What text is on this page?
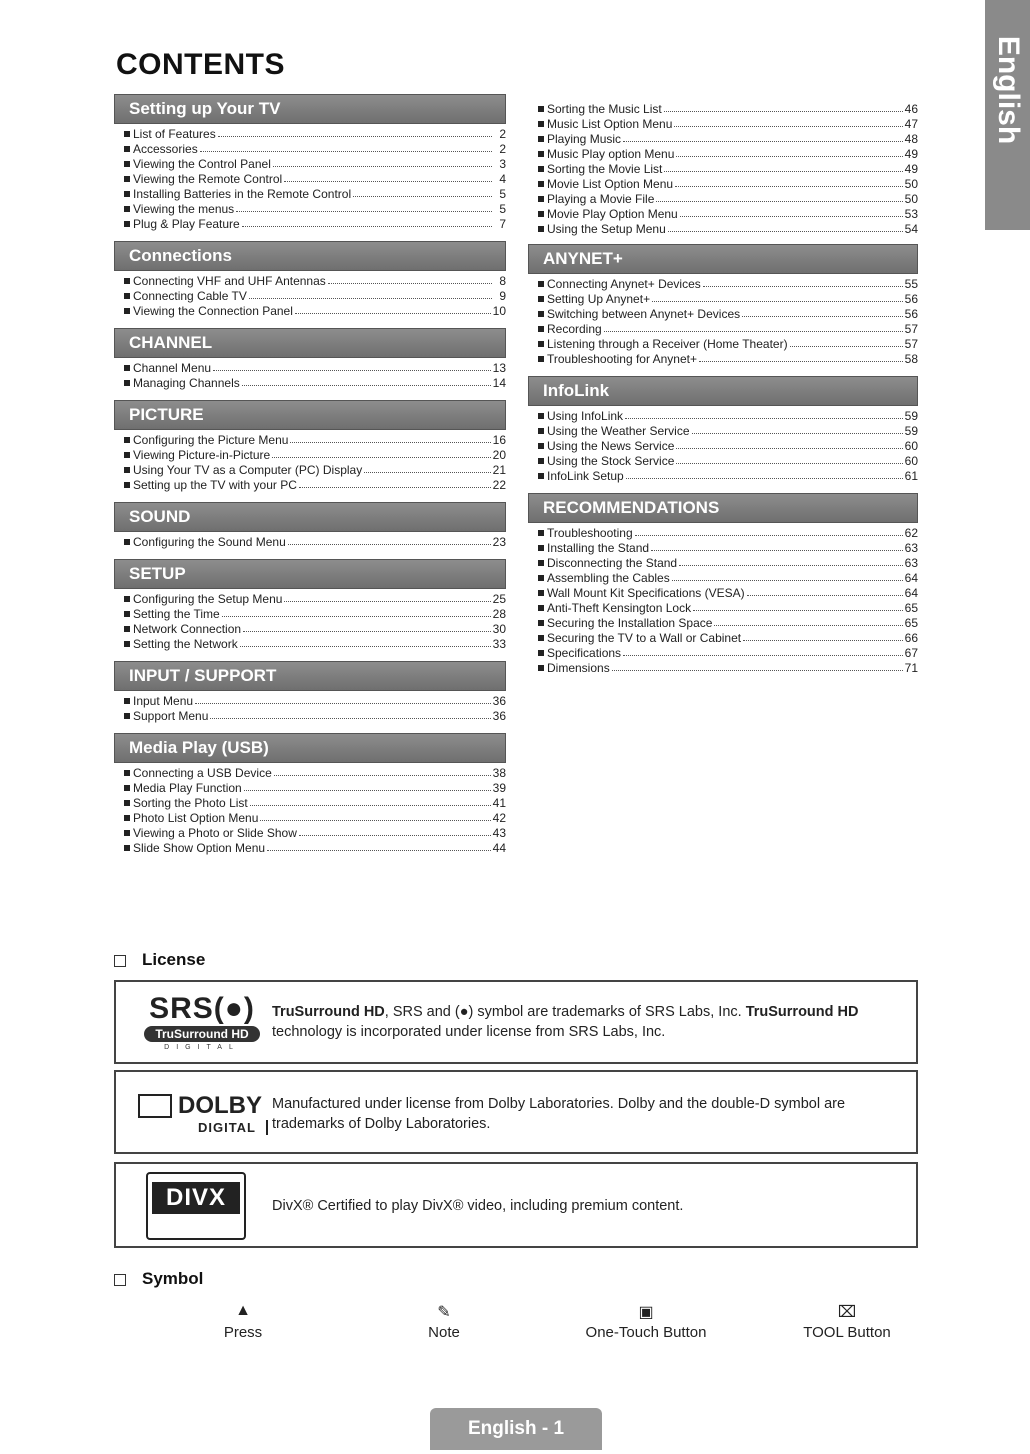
CONTENTS	English
Setting up Your TV
List of Features	2
Accessories	2
Viewing the Control Panel	3
Viewing the Remote Control	4
Installing Batteries in the Remote Control	5
Viewing the menus	5
Plug & Play Feature	7
Connections
Connecting VHF and UHF Antennas	8
Connecting Cable TV	9
Viewing the Connection Panel	10
CHANNEL
Channel Menu	13
Managing Channels	14
PICTURE
Configuring the Picture Menu	16
Viewing Picture-in-Picture	20
Using Your TV as a Computer (PC) Display	21
Setting up the TV with your PC	22
SOUND
Configuring the Sound Menu	23
SETUP
Configuring the Setup Menu	25
Setting the Time	28
Network Connection	30
Setting the Network	33
INPUT / SUPPORT
Input Menu	36
Support Menu	36
Media Play (USB)
Connecting a USB Device	38
Media Play Function	39
Sorting the Photo List	41
Photo List Option Menu	42
Viewing a Photo or Slide Show	43
Slide Show Option Menu	44
Sorting the Music List	46
Music List Option Menu	47
Playing Music	48
Music Play option Menu	49
Sorting the Movie List	49
Movie List Option Menu	50
Playing a Movie File	50
Movie Play Option Menu	53
Using the Setup Menu	54
ANYNET+
Connecting Anynet+ Devices	55
Setting Up Anynet+	56
Switching between Anynet+ Devices	56
Recording	57
Listening through a Receiver (Home Theater)	57
Troubleshooting for Anynet+	58
InfoLink
Using InfoLink	59
Using the Weather Service	59
Using the News Service	60
Using the Stock Service	60
InfoLink Setup	61
RECOMMENDATIONS
Troubleshooting	62
Installing the Stand	63
Disconnecting the Stand	63
Assembling the Cables	64
Wall Mount Kit Specifications (VESA)	64
Anti-Theft Kensington Lock	65
Securing the Installation Space	65
Securing the TV to a Wall or Cabinet	66
Specifications	67
Dimensions	71
License
SRS(●)
TruSurround HD
DIGITAL
TruSurround HD, SRS and (●) symbol are trademarks of SRS Labs, Inc. TruSurround HD
technology is incorporated under license from SRS Labs, Inc.
DOLBY
DIGITAL
Manufactured under license from Dolby Laboratories. Dolby and the double-D symbol are trademarks of Dolby Laboratories.
DIVX	DivX® Certified to play DivX® video, including premium content.
Symbol
▲
Press
✎
Note
▣
One-Touch Button
⌧
TOOL Button
English - 1
